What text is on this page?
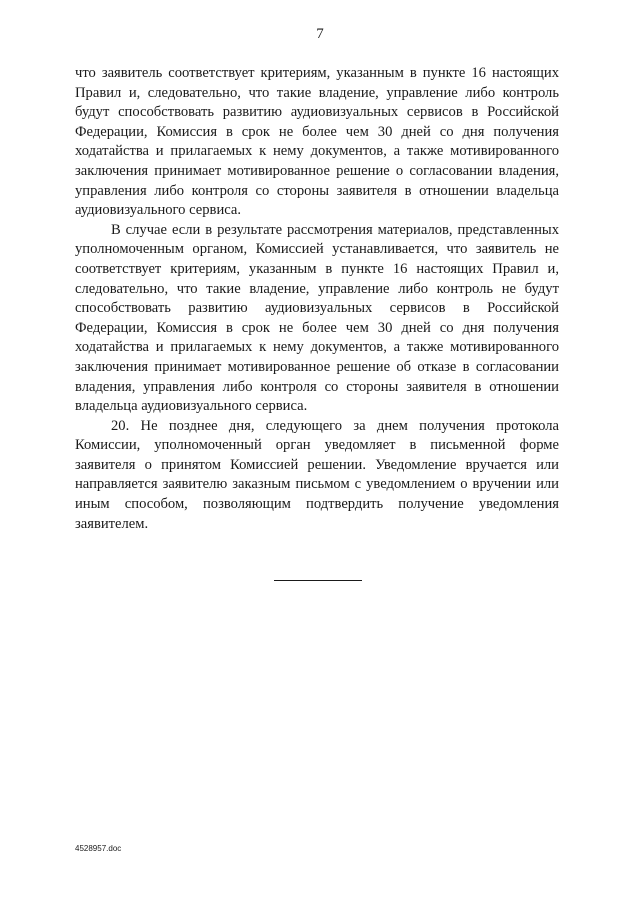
7

что заявитель соответствует критериям, указанным в пункте 16 настоящих Правил и, следовательно, что такие владение, управление либо контроль будут способствовать развитию аудиовизуальных сервисов в Российской Федерации, Комиссия в срок не более чем 30 дней со дня получения ходатайства и прилагаемых к нему документов, а также мотивированного заключения принимает мотивированное решение о согласовании владения, управления либо контроля со стороны заявителя в отношении владельца аудиовизуального сервиса.

В случае если в результате рассмотрения материалов, представленных уполномоченным органом, Комиссией устанавливается, что заявитель не соответствует критериям, указанным в пункте 16 настоящих Правил и, следовательно, что такие владение, управление либо контроль не будут способствовать развитию аудиовизуальных сервисов в Российской Федерации, Комиссия в срок не более чем 30 дней со дня получения ходатайства и прилагаемых к нему документов, а также мотивированного заключения принимает мотивированное решение об отказе в согласовании владения, управления либо контроля со стороны заявителя в отношении владельца аудиовизуального сервиса.

20. Не позднее дня, следующего за днем получения протокола Комиссии, уполномоченный орган уведомляет в письменной форме заявителя о принятом Комиссией решении. Уведомление вручается или направляется заявителю заказным письмом с уведомлением о вручении или иным способом, позволяющим подтвердить получение уведомления заявителем.

4528957.doc
